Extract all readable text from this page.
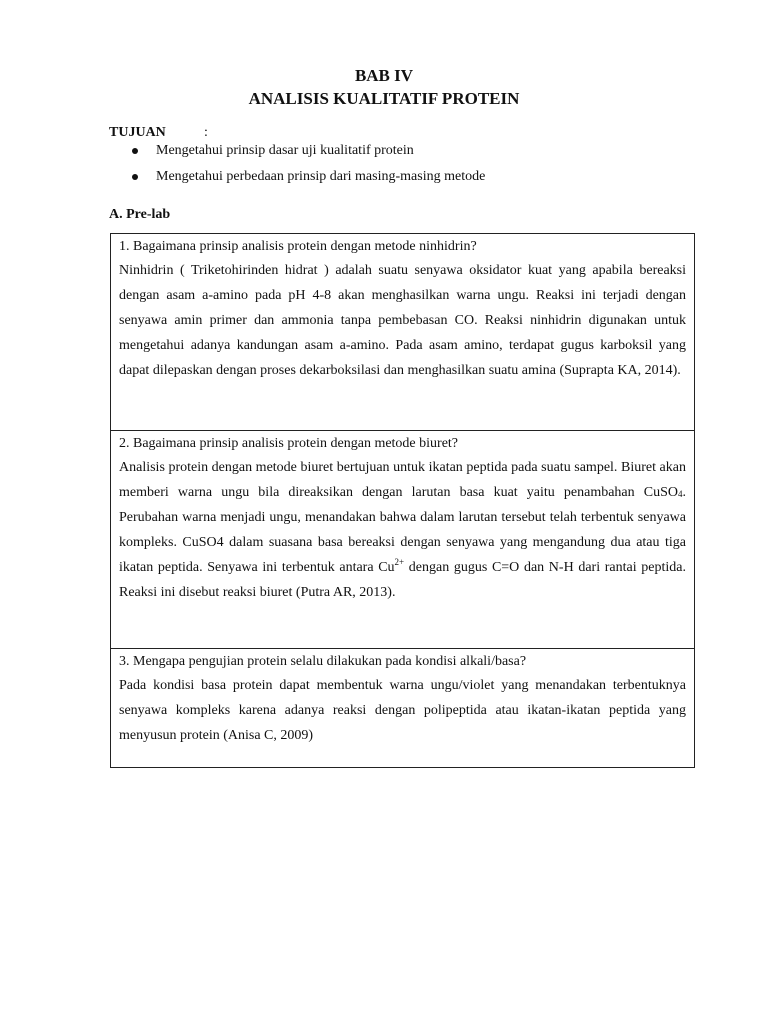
BAB IV
ANALISIS KUALITATIF PROTEIN
TUJUAN	:
Mengetahui prinsip dasar uji kualitatif protein
Mengetahui perbedaan prinsip dari masing-masing metode
A. Pre-lab
1. Bagaimana prinsip analisis protein dengan metode ninhidrin?
Ninhidrin ( Triketohirinden hidrat ) adalah suatu senyawa oksidator kuat yang apabila bereaksi dengan asam a-amino pada pH 4-8 akan menghasilkan warna ungu. Reaksi ini terjadi dengan senyawa amin primer dan ammonia tanpa pembebasan CO. Reaksi ninhidrin digunakan untuk mengetahui adanya kandungan asam a-amino. Pada asam amino, terdapat gugus karboksil yang dapat dilepaskan dengan proses dekarboksilasi dan menghasilkan suatu amina (Suprapta KA, 2014).
2. Bagaimana prinsip analisis protein dengan metode biuret?
Analisis protein dengan metode biuret bertujuan untuk ikatan peptida pada suatu sampel. Biuret akan memberi warna ungu bila direaksikan dengan larutan basa kuat yaitu penambahan CuSO$_4$. Perubahan warna menjadi ungu, menandakan bahwa dalam larutan tersebut telah terbentuk senyawa kompleks. CuSO4 dalam suasana basa bereaksi dengan senyawa yang mengandung dua atau tiga ikatan peptida. Senyawa ini terbentuk antara $Cu^{2+}$ dengan gugus C=O dan N-H dari rantai peptida. Reaksi ini disebut reaksi biuret (Putra AR, 2013).
3. Mengapa pengujian protein selalu dilakukan pada kondisi alkali/basa?
Pada kondisi basa protein dapat membentuk warna ungu/violet yang menandakan terbentuknya senyawa kompleks karena adanya reaksi dengan polipeptida atau ikatan-ikatan peptida yang menyusun protein (Anisa C, 2009)
